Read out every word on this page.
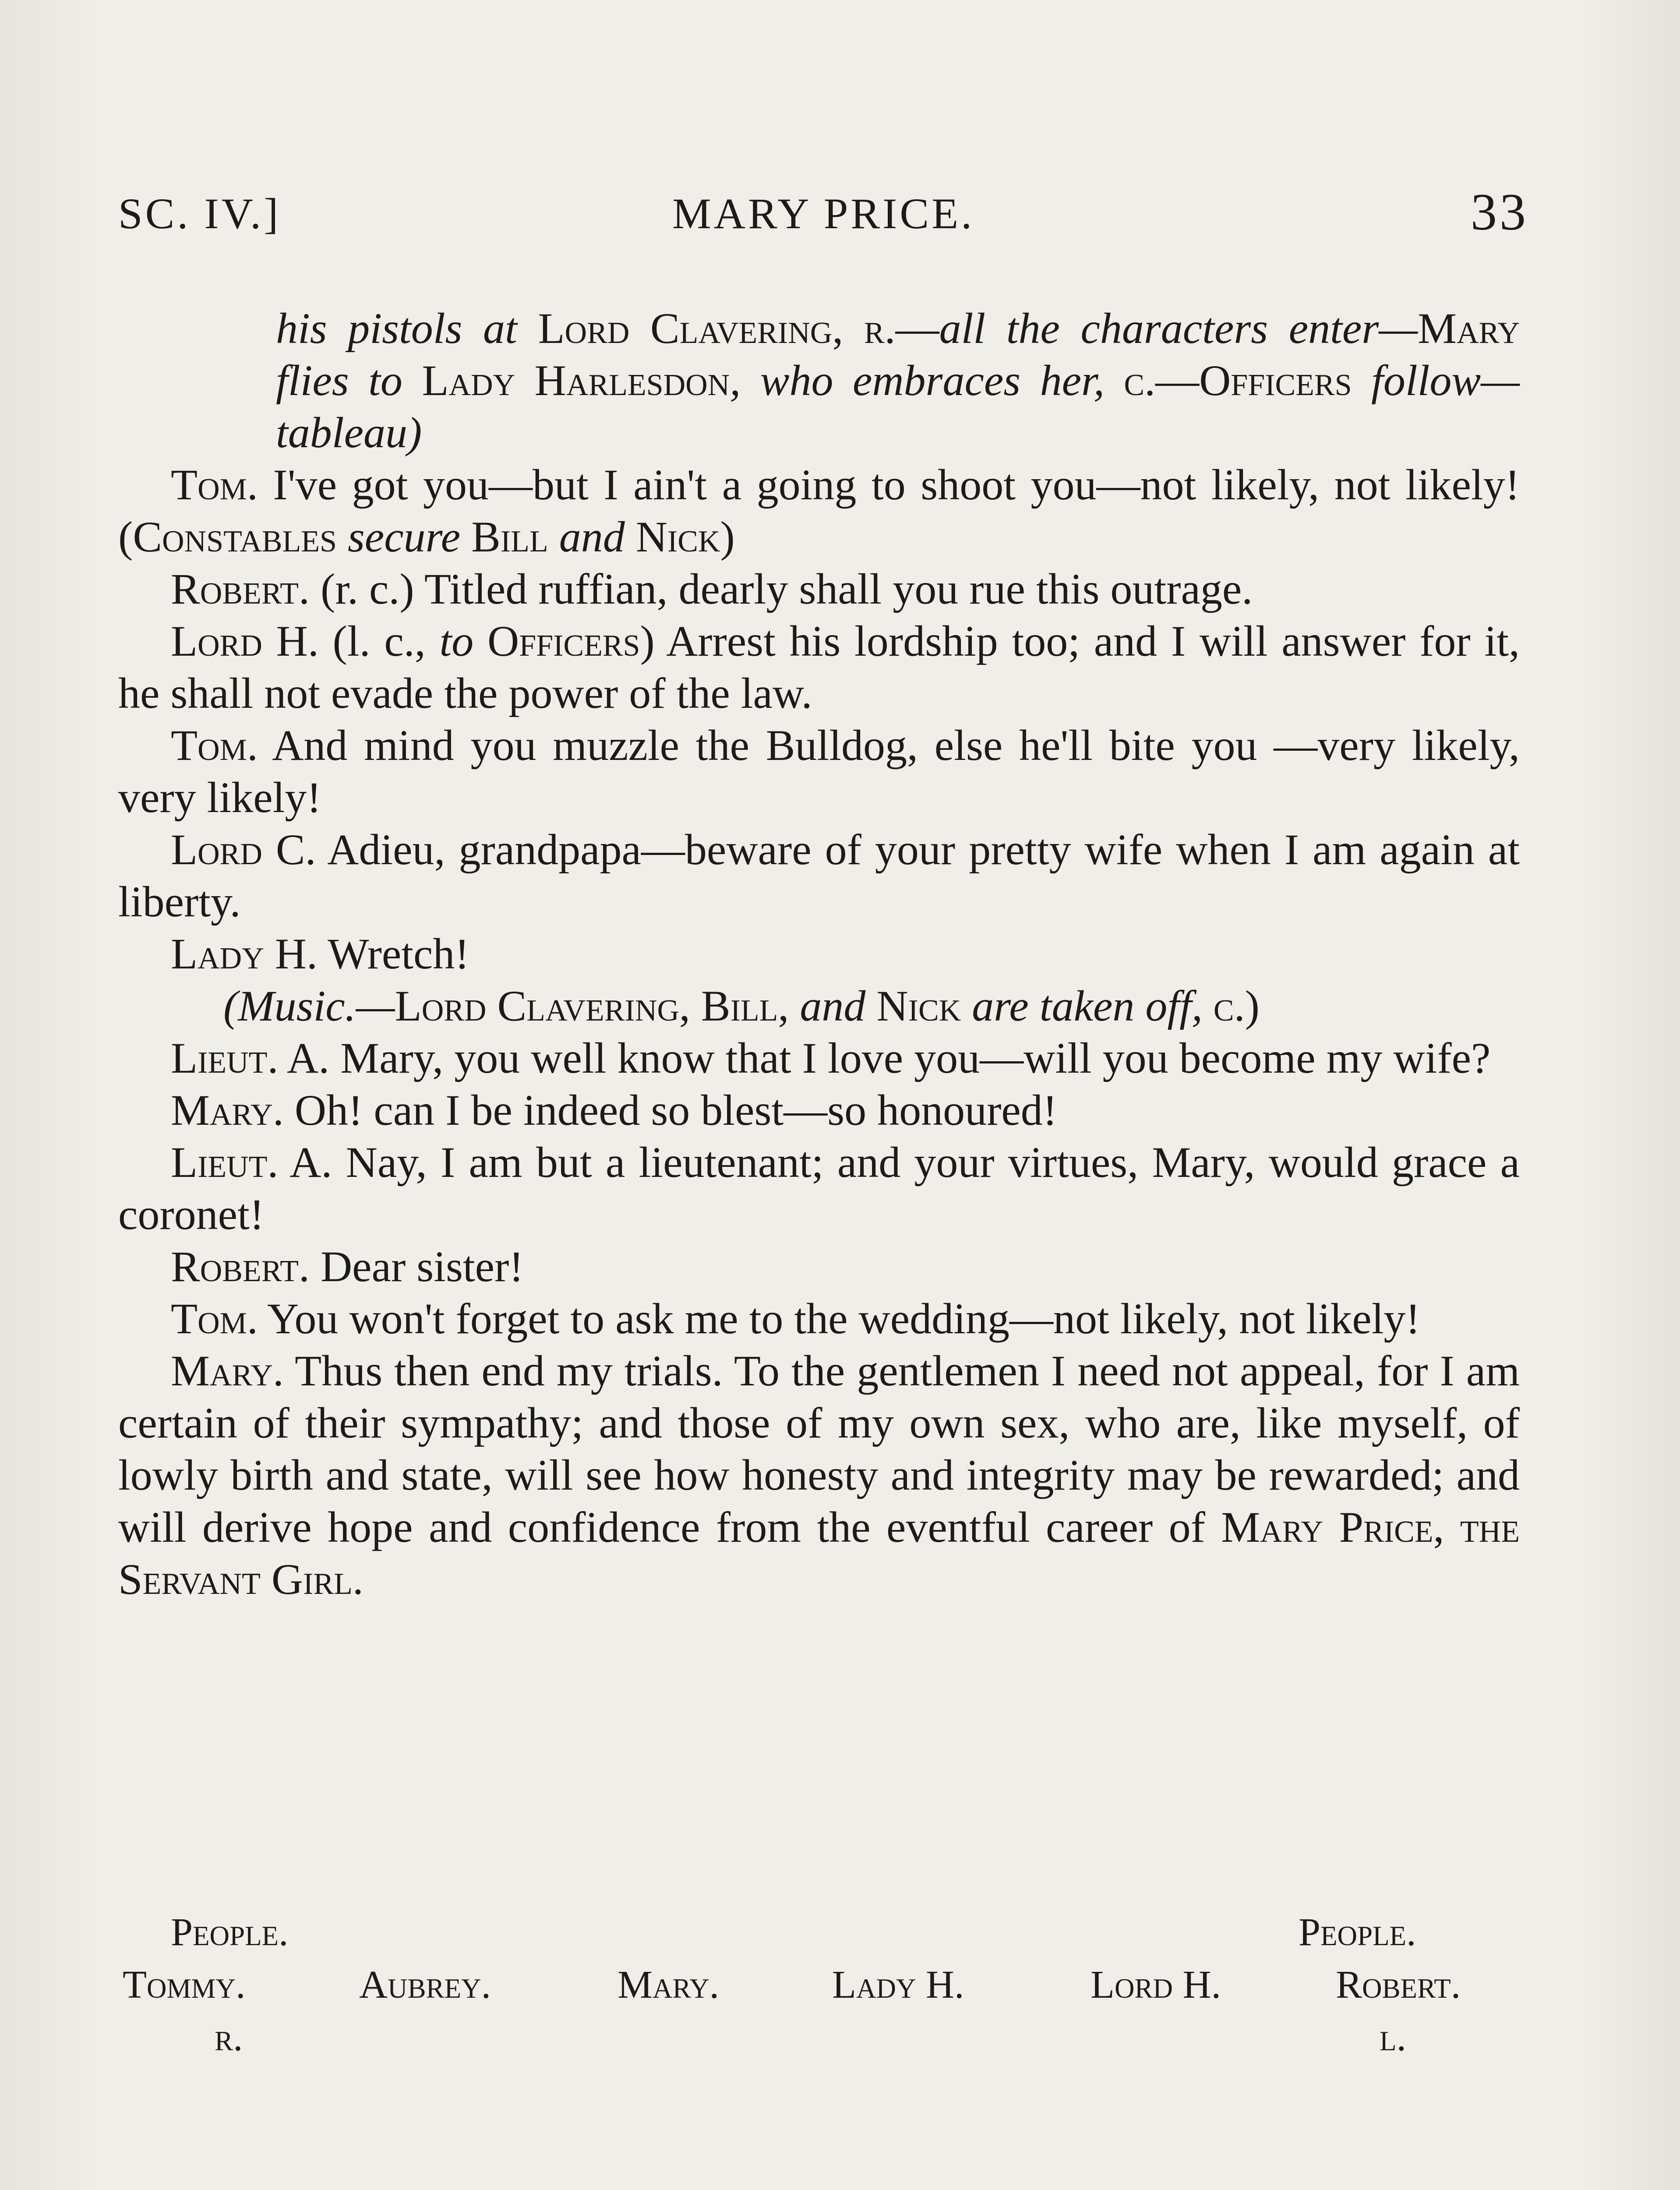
SC. IV.]	MARY PRICE.	33

his pistols at Lord Clavering, r.—all the characters enter—Mary flies to Lady Harlesdon, who embraces her, c.—Officers follow—tableau)

Tom. I've got you—but I ain't a going to shoot you—not likely, not likely! (Constables secure Bill and Nick)

Robert. (r. c.) Titled ruffian, dearly shall you rue this outrage.

Lord H. (l. c., to Officers) Arrest his lordship too; and I will answer for it, he shall not evade the power of the law.

Tom. And mind you muzzle the Bulldog, else he'll bite you —very likely, very likely!

Lord C. Adieu, grandpapa—beware of your pretty wife when I am again at liberty.

Lady H. Wretch!

(Music.—Lord Clavering, Bill, and Nick are taken off, c.)

Lieut. A. Mary, you well know that I love you—will you become my wife?

Mary. Oh! can I be indeed so blest—so honoured!

Lieut. A. Nay, I am but a lieutenant; and your virtues, Mary, would grace a coronet!

Robert. Dear sister!

Tom. You won't forget to ask me to the wedding—not likely, not likely!

Mary. Thus then end my trials. To the gentlemen I need not appeal, for I am certain of their sympathy; and those of my own sex, who are, like myself, of lowly birth and state, will see how honesty and integrity may be rewarded; and will derive hope and confidence from the eventful career of Mary Price, the Servant Girl.

People.	People.
Tommy.	Aubrey.	Mary.	Lady H.	Lord H.	Robert.
r.	l.
